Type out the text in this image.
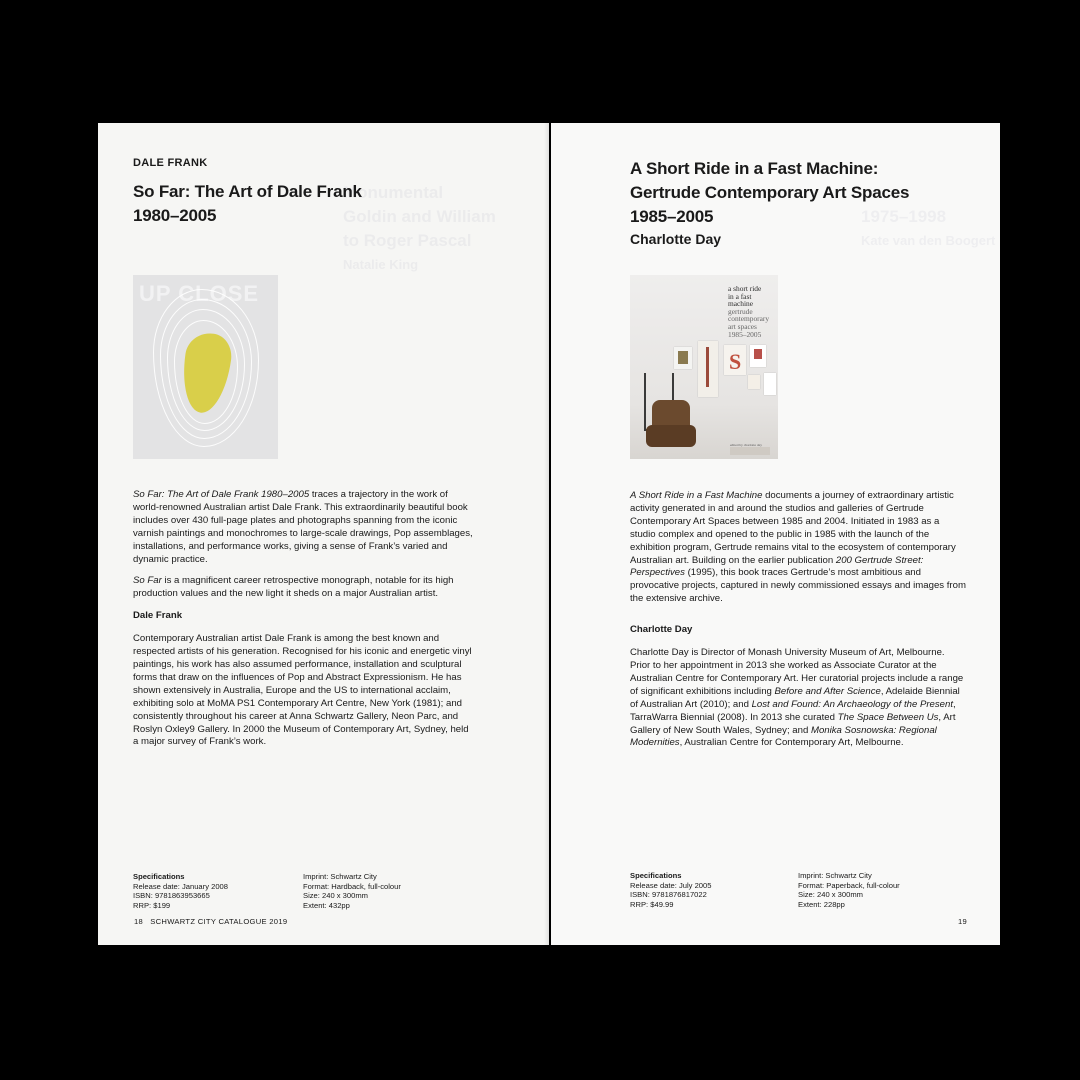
Monumental
Goldin and William
to Roger Pascal
Natalie King
DALE FRANK
So Far: The Art of Dale Frank
1980–2005
UP CLOSE

So Far: The Art of Dale Frank 1980–2005 traces a trajectory in the work of world-renowned Australian artist Dale Frank. This extraordinarily beautiful book includes over 430 full-page plates and photographs spanning from the iconic varnish paintings and monochromes to large-scale drawings, Pop assemblages, installations, and performance works, giving a sense of Frank’s varied and dynamic practice.

So Far is a magnificent career retrospective monograph, notable for its high production values and the new light it sheds on a major Australian artist.

Dale Frank

Contemporary Australian artist Dale Frank is among the best known and respected artists of his generation. Recognised for his iconic and energetic vinyl paintings, his work has also assumed performance, installation and sculptural forms that draw on the influences of Pop and Abstract Expressionism. He has shown extensively in Australia, Europe and the US to international acclaim, exhibiting solo at MoMA PS1 Contemporary Art Centre, New York (1981); and consistently throughout his career at Anna Schwartz Gallery, Neon Parc, and Roslyn Oxley9 Gallery. In 2000 the Museum of Contemporary Art, Sydney, held a major survey of Frank’s work.

Specifications
Release date: January 2008
ISBN: 9781863953665
RRP: $199
Imprint: Schwartz City
Format: Hardback, full-colour
Size: 240 x 300mm
Extent: 432pp
18 SCHWARTZ CITY CATALOGUE 2019
1975–1998
Kate van den Boogert
A Short Ride in a Fast Machine:
Gertrude Contemporary Art Spaces
1985–2005
Charlotte Day
S
a short ride
in a fast
machine
gertrude
contemporary
art spaces
1985–2005
edited by charlotte day

A Short Ride in a Fast Machine documents a journey of extraordinary artistic activity generated in and around the studios and galleries of Gertrude Contemporary Art Spaces between 1985 and 2004. Initiated in 1983 as a studio complex and opened to the public in 1985 with the launch of the exhibition program, Gertrude remains vital to the ecosystem of contemporary Australian art. Building on the earlier publication 200 Gertrude Street: Perspectives (1995), this book traces Gertrude’s most ambitious and provocative projects, captured in newly commissioned essays and images from the extensive archive.

Charlotte Day

Charlotte Day is Director of Monash University Museum of Art, Melbourne. Prior to her appointment in 2013 she worked as Associate Curator at the Australian Centre for Contemporary Art. Her curatorial projects include a range of significant exhibitions including Before and After Science, Adelaide Biennial of Australian Art (2010); and Lost and Found: An Archaeology of the Present, TarraWarra Biennial (2008). In 2013 she curated The Space Between Us, Art Gallery of New South Wales, Sydney; and Monika Sosnowska: Regional Modernities, Australian Centre for Contemporary Art, Melbourne.

Specifications
Release date: July 2005
ISBN: 9781876817022
RRP: $49.99
Imprint: Schwartz City
Format: Paperback, full-colour
Size: 240 x 300mm
Extent: 228pp
19
